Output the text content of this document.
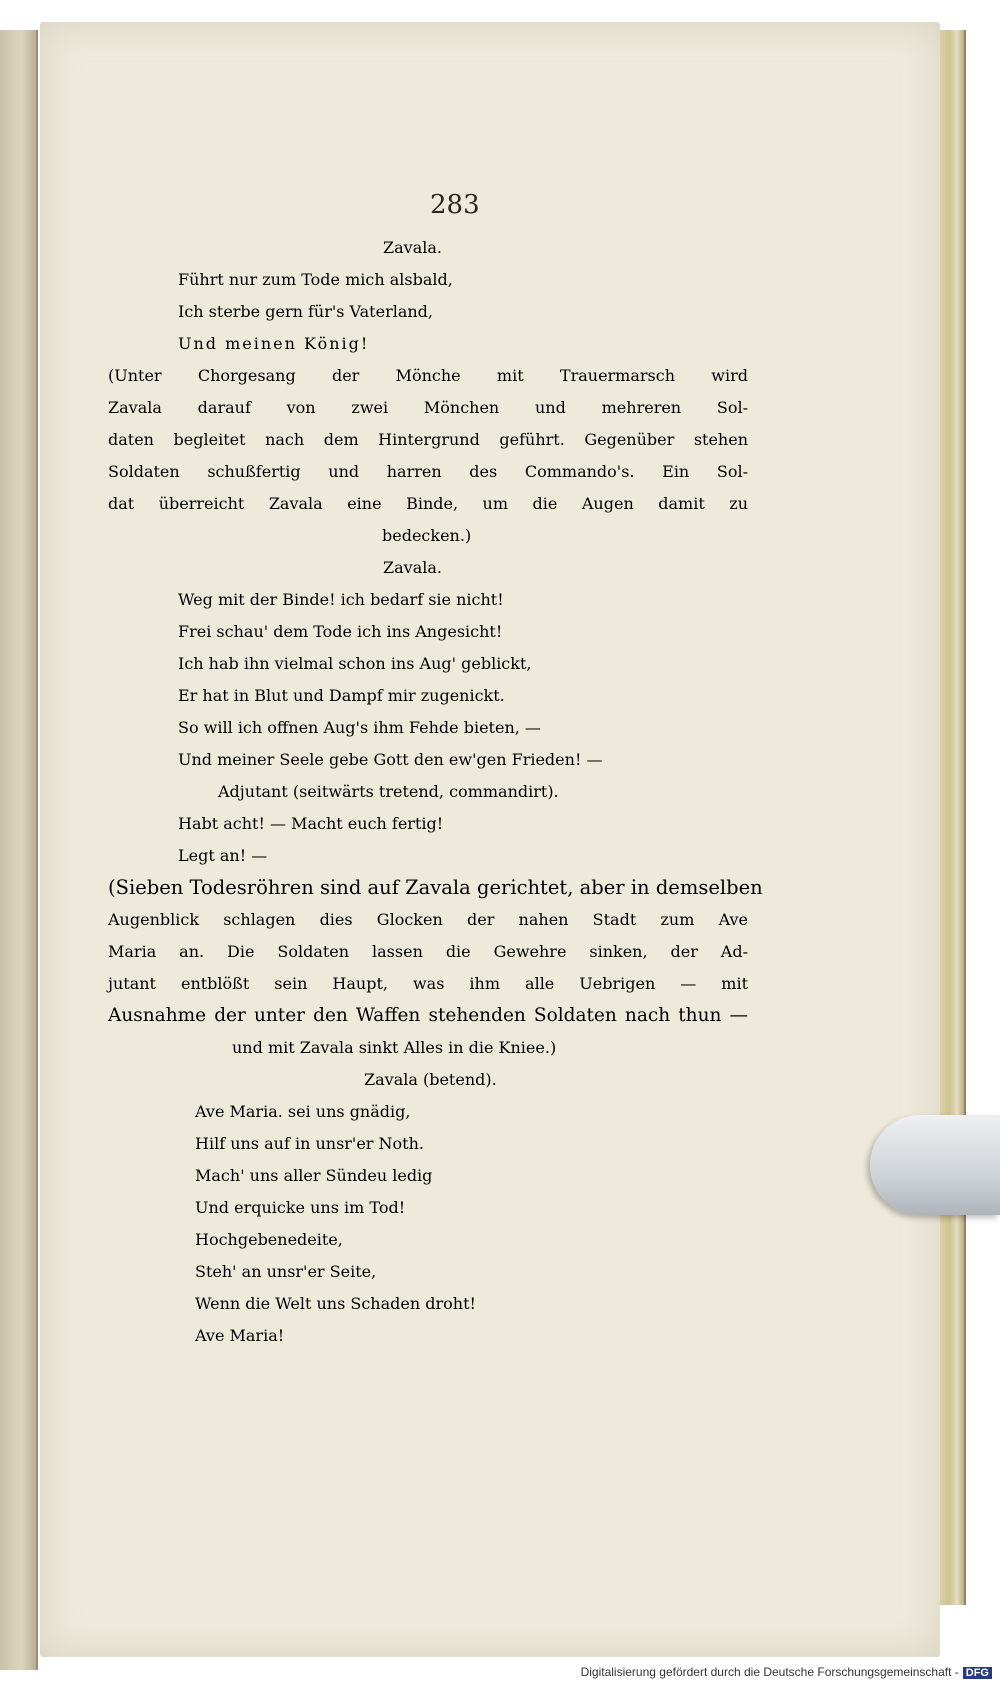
283
Zavala.
Führt nur zum Tode mich alsbald,
Ich sterbe gern für's Vaterland,
Und meinen König!
(Unter Chorgesang der Mönche mit Trauermarsch wird
Zavala darauf von zwei Mönchen und mehreren Sol-
daten begleitet nach dem Hintergrund geführt. Gegenüber stehen
Soldaten schußfertig und harren des Commando's. Ein Sol-
dat überreicht Zavala eine Binde, um die Augen damit zu
bedecken.)
Zavala.
Weg mit der Binde! ich bedarf sie nicht!
Frei schau' dem Tode ich ins Angesicht!
Ich hab ihn vielmal schon ins Aug' geblickt,
Er hat in Blut und Dampf mir zugenickt.
So will ich offnen Aug's ihm Fehde bieten, —
Und meiner Seele gebe Gott den ew'gen Frieden! —
Adjutant (seitwärts tretend, commandirt).
Habt acht! — Macht euch fertig!
Legt an! —
(Sieben Todesröhren sind auf Zavala gerichtet, aber in demselben
Augenblick schlagen dies Glocken der nahen Stadt zum Ave
Maria an. Die Soldaten lassen die Gewehre sinken, der Ad-
jutant entblößt sein Haupt, was ihm alle Uebrigen — mit
Ausnahme der unter den Waffen stehenden Soldaten nach thun —
und mit Zavala sinkt Alles in die Kniee.)
Zavala (betend).
Ave Maria. sei uns gnädig,
Hilf uns auf in unsr'er Noth.
Mach' uns aller Sündeu ledig
Und erquicke uns im Tod!
Hochgebenedeite,
Steh' an unsr'er Seite,
Wenn die Welt uns Schaden droht!
Ave Maria!
Digitalisierung gefördert durch die Deutsche Forschungsgemeinschaft - DFG
